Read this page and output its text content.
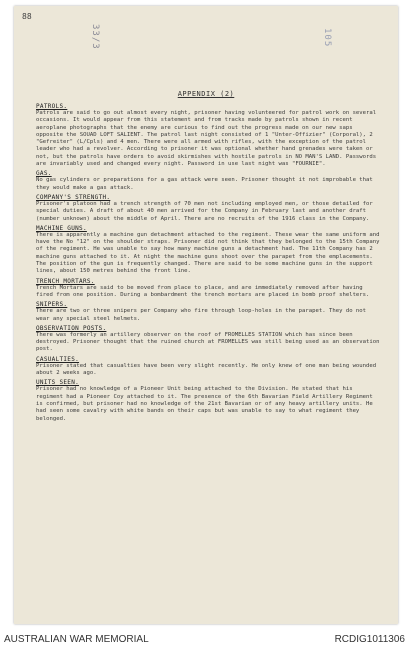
88
33/3	105
APPENDIX (2)
PATROLS.

Patrols are said to go out almost every night, prisoner having volunteered for patrol work on several occasions. It would appear from this statement and from tracks made by patrols shown in recent aeroplane photographs that the enemy are curious to find out the progress made on our new saps opposite the SOUAD LOFT SALIENT. The patrol last night consisted of 1 "Unter-Offizier" (Corporal), 2 "Gefreiter" (L/Cpls) and 4 men. There were all armed with rifles, with the exception of the patrol leader who had a revolver. According to prisoner it was optional whether hand grenades were taken or not, but the patrols have orders to avoid skirmishes with hostile patrols in NO MAN'S LAND. Passwords are invariably used and changed every night. Password in use last night was "FOURNIE".

GAS.

No gas cylinders or preparations for a gas attack were seen. Prisoner thought it not improbable that they would make a gas attack.

COMPANY'S STRENGTH.

Prisoner's platoon had a trench strength of 70 men not including employed men, or those detailed for special duties. A draft of about 40 men arrived for the Company in February last and another draft (number unknown) about the middle of April. There are no recruits of the 1916 class in the Company.

MACHINE GUNS.

There is apparently a machine gun detachment attached to the regiment. These wear the same uniform and have the No "12" on the shoulder straps. Prisoner did not think that they belonged to the 15th Company of the regiment. He was unable to say how many machine guns a detachment had. The 11th Company has 2 machine guns attached to it. At night the machine guns shoot over the parapet from the emplacements. The position of the gun is frequently changed. There are said to be some machine guns in the support lines, about 150 metres behind the front line.

TRENCH MORTARS.

Trench Mortars are said to be moved from place to place, and are immediately removed after having fired from one position. During a bombardment the trench mortars are placed in bomb proof shelters.

SNIPERS.

There are two or three snipers per Company who fire through loop-holes in the parapet. They do not wear any special steel helmets.

OBSERVATION POSTS.

There was formerly an artillery observer on the roof of FROMELLES STATION which has since been destroyed. Prisoner thought that the ruined church at FROMELLES was still being used as an observation post.

CASUALTIES.

Prisoner stated that casualties have been very slight recently. He only knew of one man being wounded about 2 weeks ago.

UNITS SEEN.

Prisoner had no knowledge of a Pioneer Unit being attached to the Division. He stated that his regiment had a Pioneer Coy attached to it. The presence of the 6th Bavarian Field Artillery Regiment is confirmed, but prisoner had no knowledge of the 21st Bavarian or of any heavy artillery units. He had seen some cavalry with white bands on their caps but was unable to say to what regiment they belonged.

AUSTRALIAN WAR MEMORIAL	RCDIG1011306
